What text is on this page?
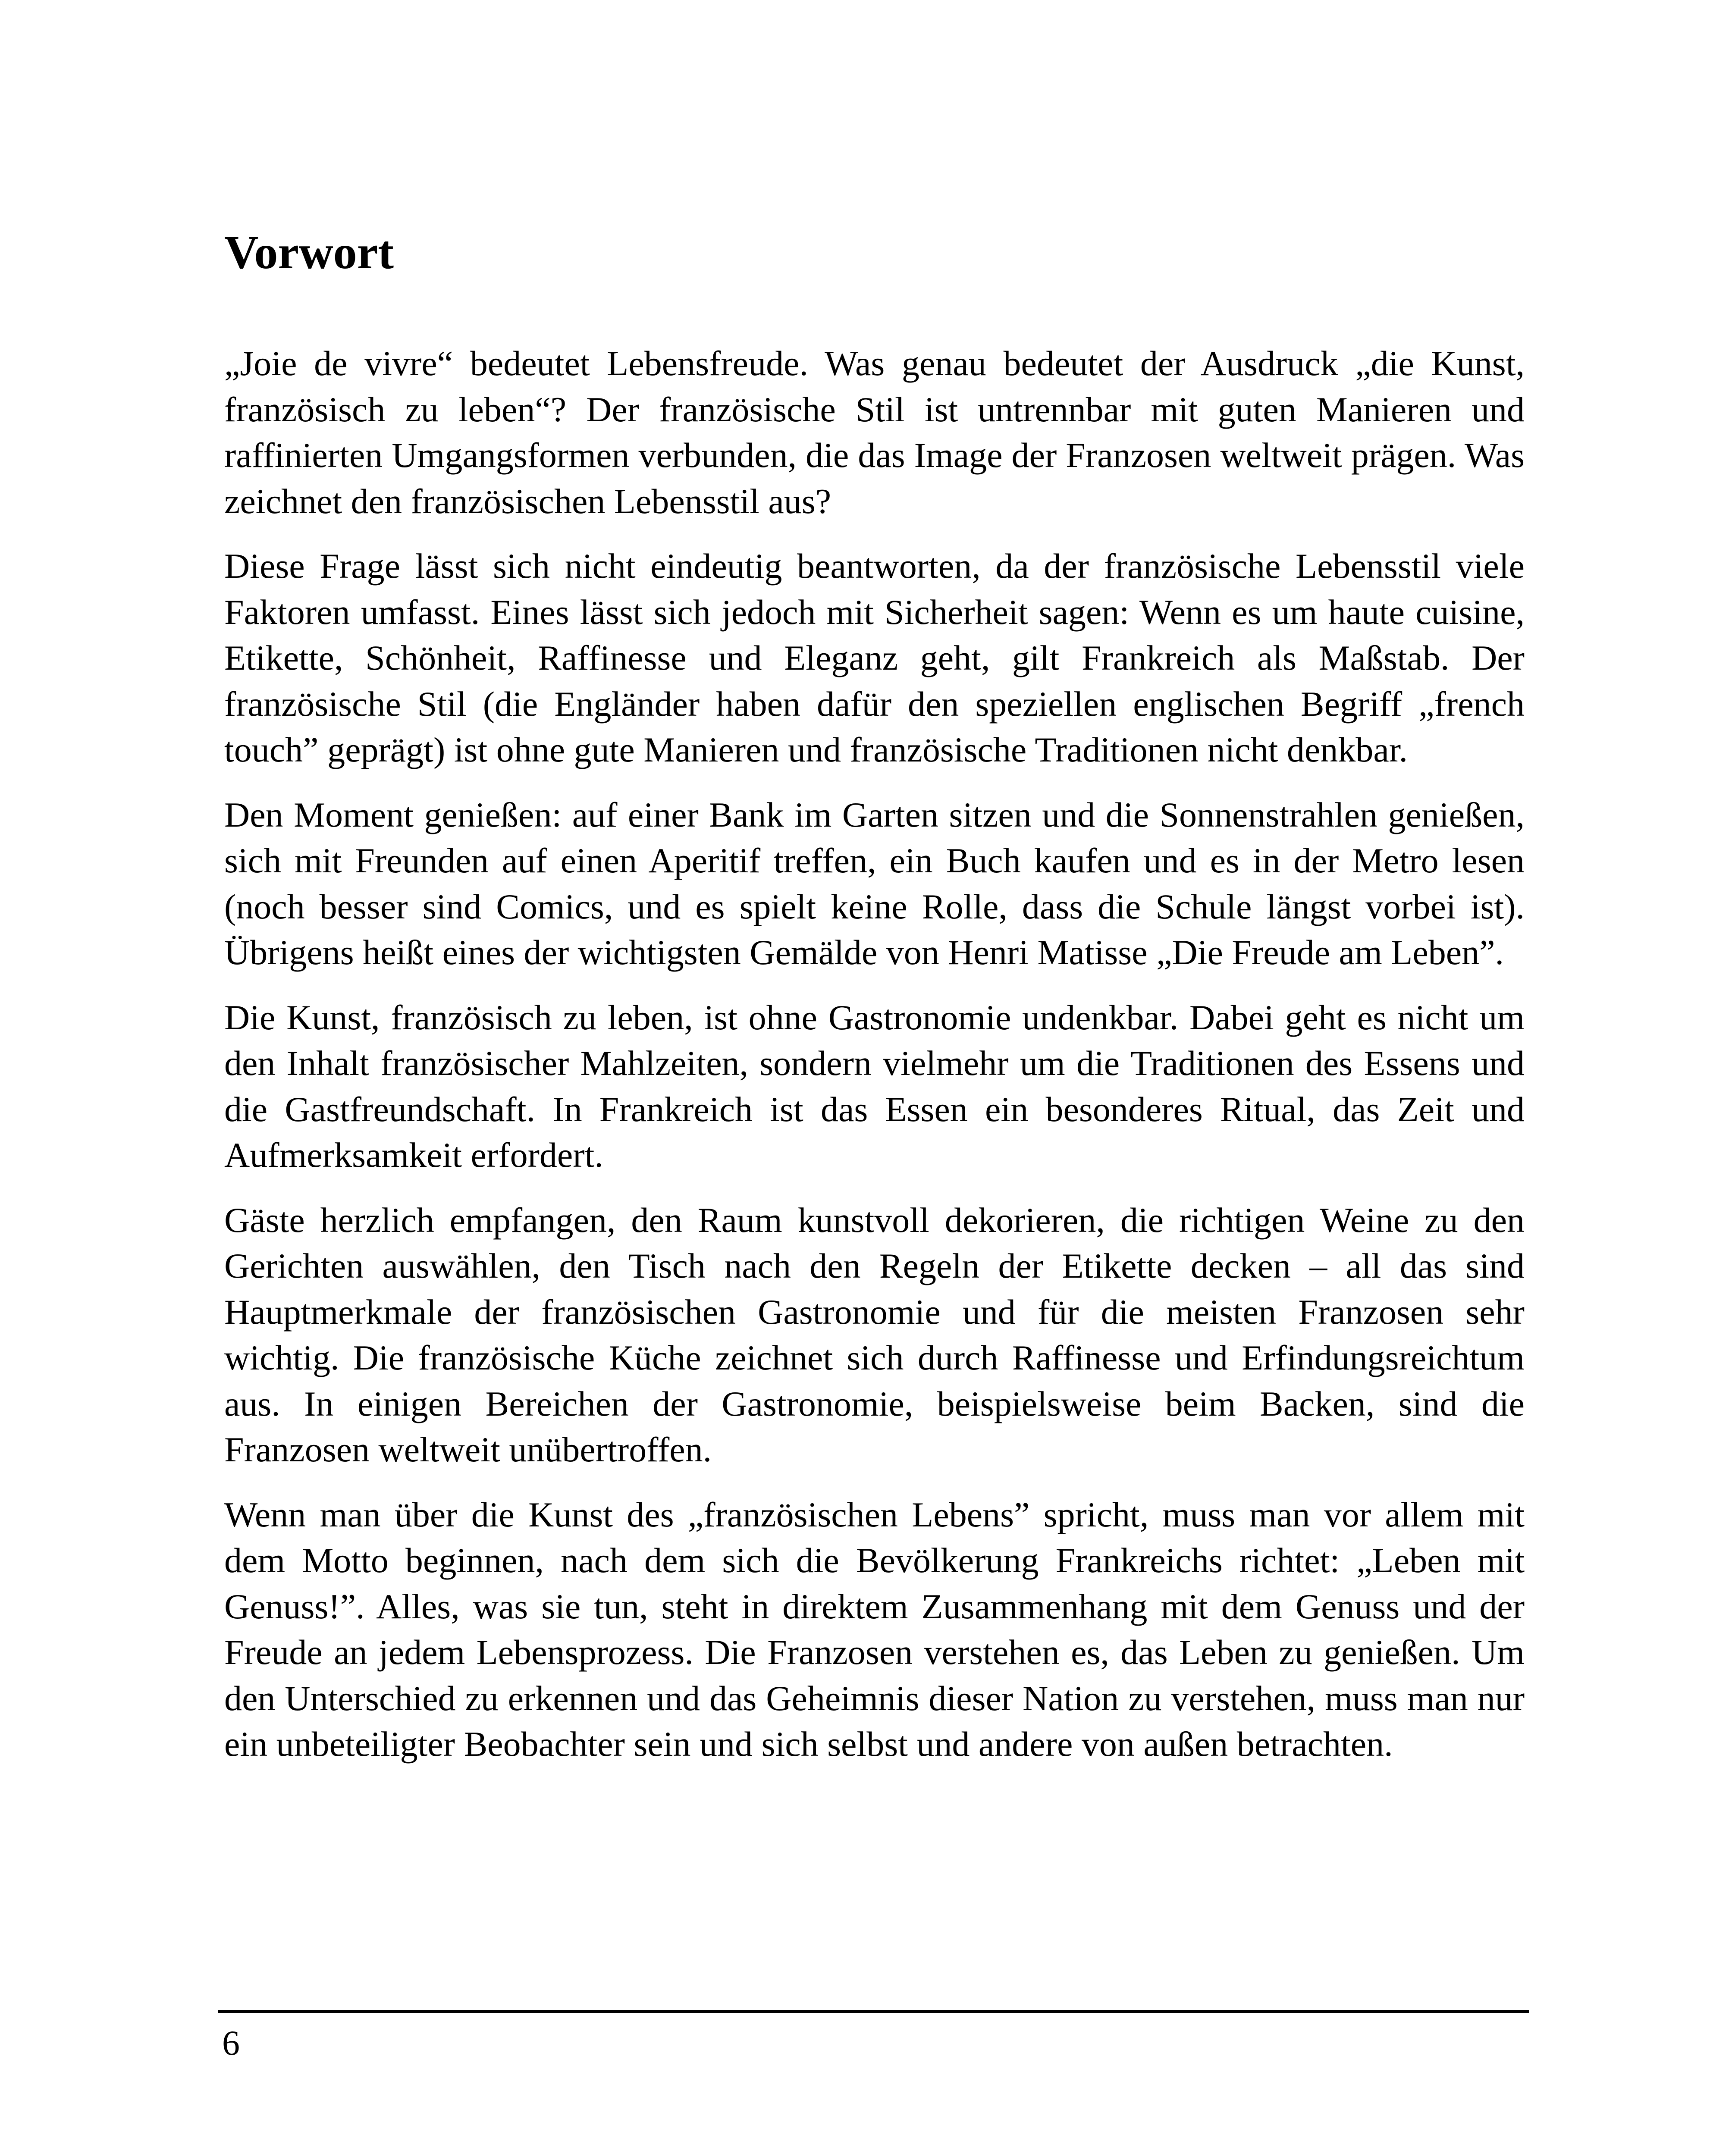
Vorwort

„Joie de vivre“ bedeutet Lebensfreude. Was genau bedeutet der Ausdruck „die Kunst, französisch zu leben“? Der französische Stil ist untrennbar mit guten Manieren und raffinierten Umgangsformen verbunden, die das Image der Franzosen weltweit prägen. Was zeichnet den französischen Lebensstil aus?

Diese Frage lässt sich nicht eindeutig beantworten, da der französische Lebensstil viele Faktoren umfasst. Eines lässt sich jedoch mit Sicherheit sagen: Wenn es um haute cuisine, Etikette, Schönheit, Raffinesse und Eleganz geht, gilt Frankreich als Maßstab. Der französische Stil (die Engländer haben dafür den speziellen englischen Begriff „french touch” geprägt) ist ohne gute Manieren und französische Traditionen nicht denkbar.

Den Moment genießen: auf einer Bank im Garten sitzen und die Sonnenstrahlen genießen, sich mit Freunden auf einen Aperitif treffen, ein Buch kaufen und es in der Metro lesen (noch besser sind Comics, und es spielt keine Rolle, dass die Schule längst vorbei ist). Übrigens heißt eines der wichtigsten Gemälde von Henri Matisse „Die Freude am Leben”.

Die Kunst, französisch zu leben, ist ohne Gastronomie undenkbar. Dabei geht es nicht um den Inhalt französischer Mahlzeiten, sondern vielmehr um die Traditionen des Essens und die Gastfreundschaft. In Frankreich ist das Essen ein besonderes Ritual, das Zeit und Aufmerksamkeit erfordert.

Gäste herzlich empfangen, den Raum kunstvoll dekorieren, die richtigen Weine zu den Gerichten auswählen, den Tisch nach den Regeln der Etikette decken – all das sind Hauptmerkmale der französischen Gastronomie und für die meisten Franzosen sehr wichtig. Die französische Küche zeichnet sich durch Raffinesse und Erfindungsreichtum aus. In einigen Bereichen der Gastronomie, beispielsweise beim Backen, sind die Franzosen weltweit unübertroffen.

Wenn man über die Kunst des „französischen Lebens” spricht, muss man vor allem mit dem Motto beginnen, nach dem sich die Bevölkerung Frankreichs richtet: „Leben mit Genuss!”. Alles, was sie tun, steht in direktem Zusammenhang mit dem Genuss und der Freude an jedem Lebensprozess. Die Franzosen verstehen es, das Leben zu genießen. Um den Unterschied zu erkennen und das Geheimnis dieser Nation zu verstehen, muss man nur ein unbeteiligter Beobachter sein und sich selbst und andere von außen betrachten.

6
